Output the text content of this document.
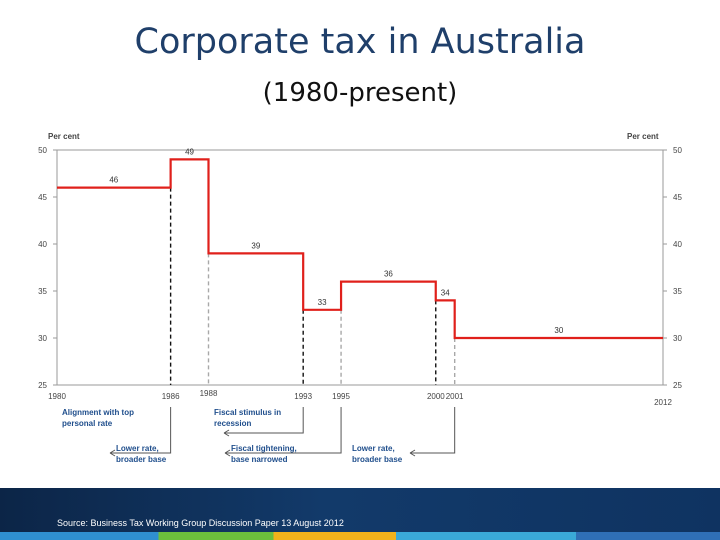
Corporate tax in Australia
(1980-present)
Per cent	Per cent
25	25
30	30
35	35
40	40
45	45
50	50
1980	1986	1988	1993	1995	2000 2001
2012
46
49
39
33
36
34
30
Alignment with top
personal rate
Lower rate,
broader base
Fiscal stimulus in
recession
Fiscal tightening,
base narrowed
Lower rate,
broader base
Source: Business Tax Working Group Discussion Paper 13 August 2012
